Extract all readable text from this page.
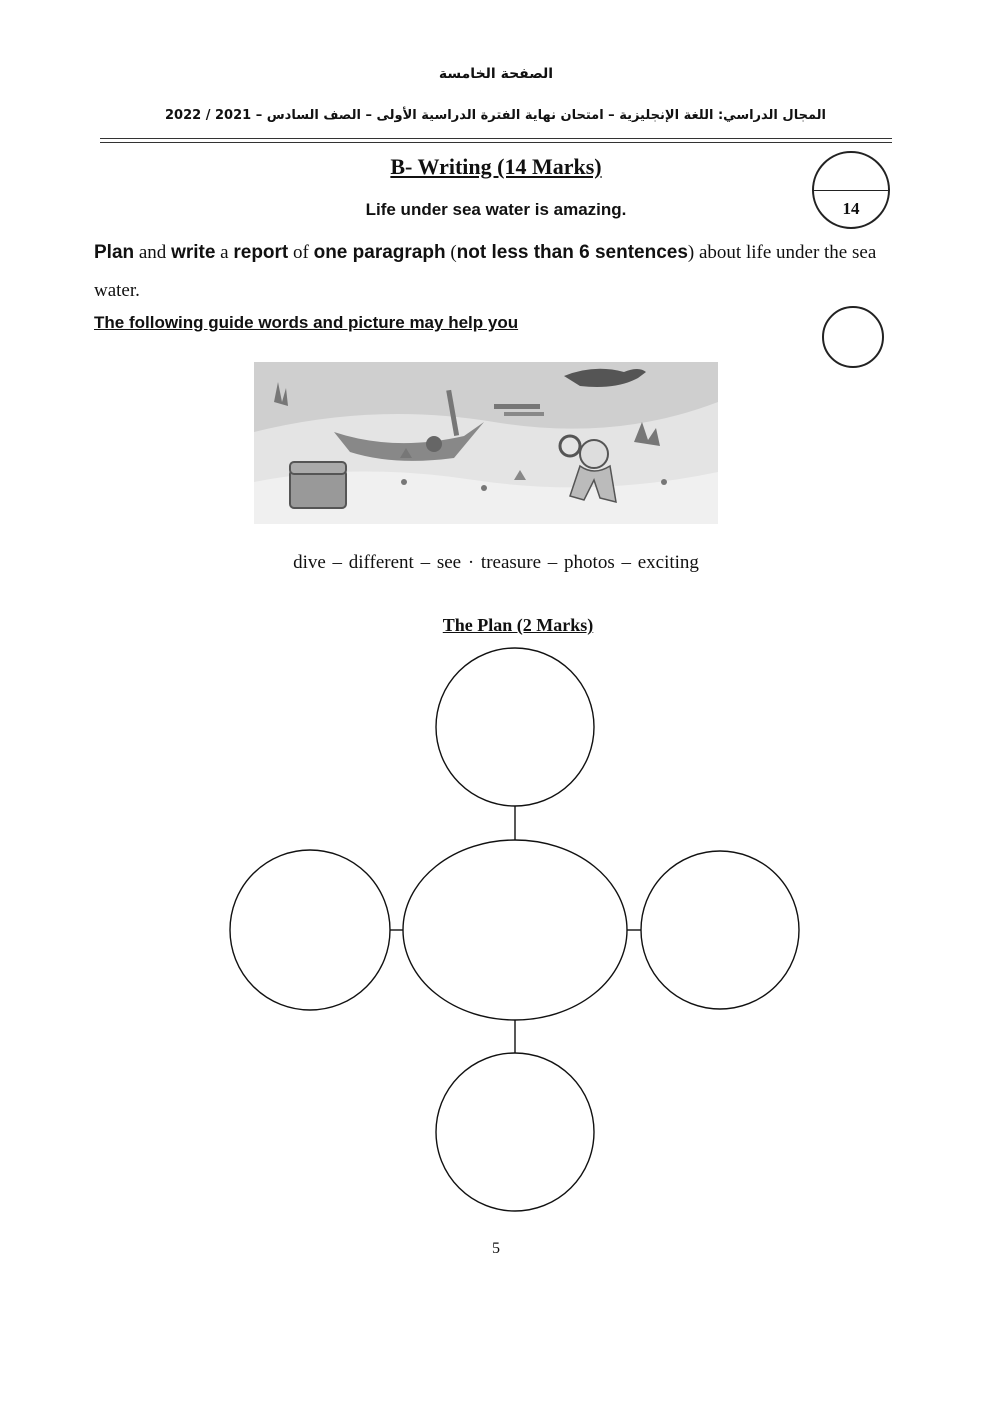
الصفحة الخامسة
المجال الدراسي: اللغة الإنجليزية – امتحان نهاية الفترة الدراسية الأولى – الصف السادس – 2021 / 2022
B- Writing (14 Marks)
Life under sea water is amazing.	14
Plan and write a report of one paragraph (not less than 6 sentences) about life under the sea water.
The following guide words and picture may help you
dive – different – see · treasure – photos – exciting
The Plan (2 Marks)
5
